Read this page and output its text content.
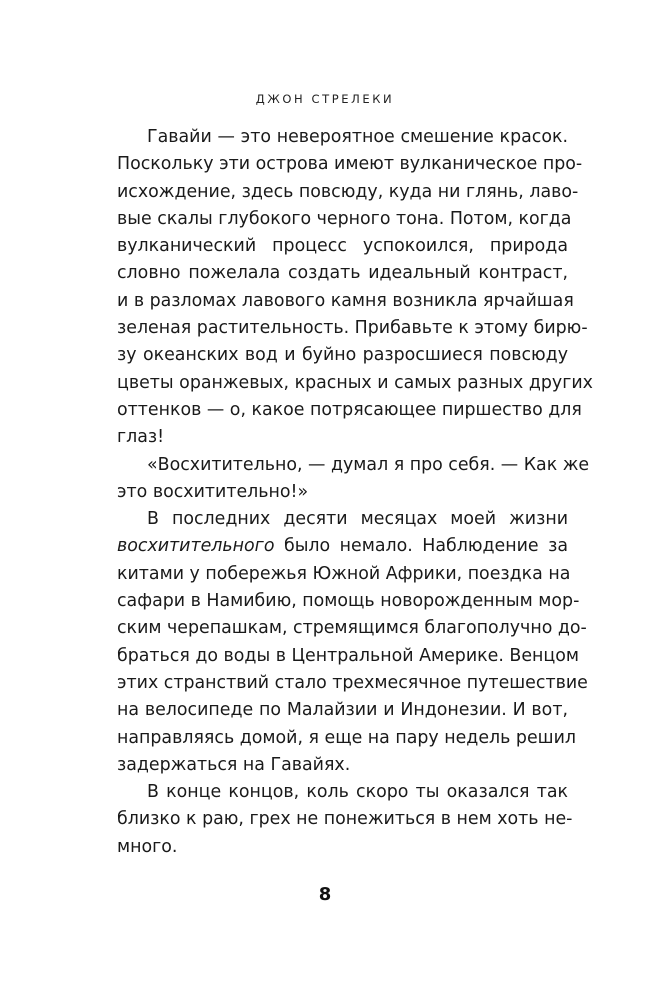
ДЖОН СТРЕЛЕКИ
Гавайи — это невероятное смешение красок.
Поскольку эти острова имеют вулканическое про-
исхождение, здесь повсюду, куда ни глянь, лаво-
вые скалы глубокого черного тона. Потом, когда
вулканический процесс успокоился, природа
словно пожелала создать идеальный контраст,
и в разломах лавового камня возникла ярчайшая
зеленая растительность. Прибавьте к этому бирю-
зу океанских вод и буйно разросшиеся повсюду
цветы оранжевых, красных и самых разных других
оттенков — о, какое потрясающее пиршество для
глаз!
«Восхитительно, — думал я про себя. — Как же
это восхитительно!»
В последних десяти месяцах моей жизни
восхитительного было немало. Наблюдение за
китами у побережья Южной Африки, поездка на
сафари в Намибию, помощь новорожденным мор-
ским черепашкам, стремящимся благополучно до-
браться до воды в Центральной Америке. Венцом
этих странствий стало трехмесячное путешествие
на велосипеде по Малайзии и Индонезии. И вот,
направляясь домой, я еще на пару недель решил
задержаться на Гавайях.
В конце концов, коль скоро ты оказался так
близко к раю, грех не понежиться в нем хоть не-
много.
8
